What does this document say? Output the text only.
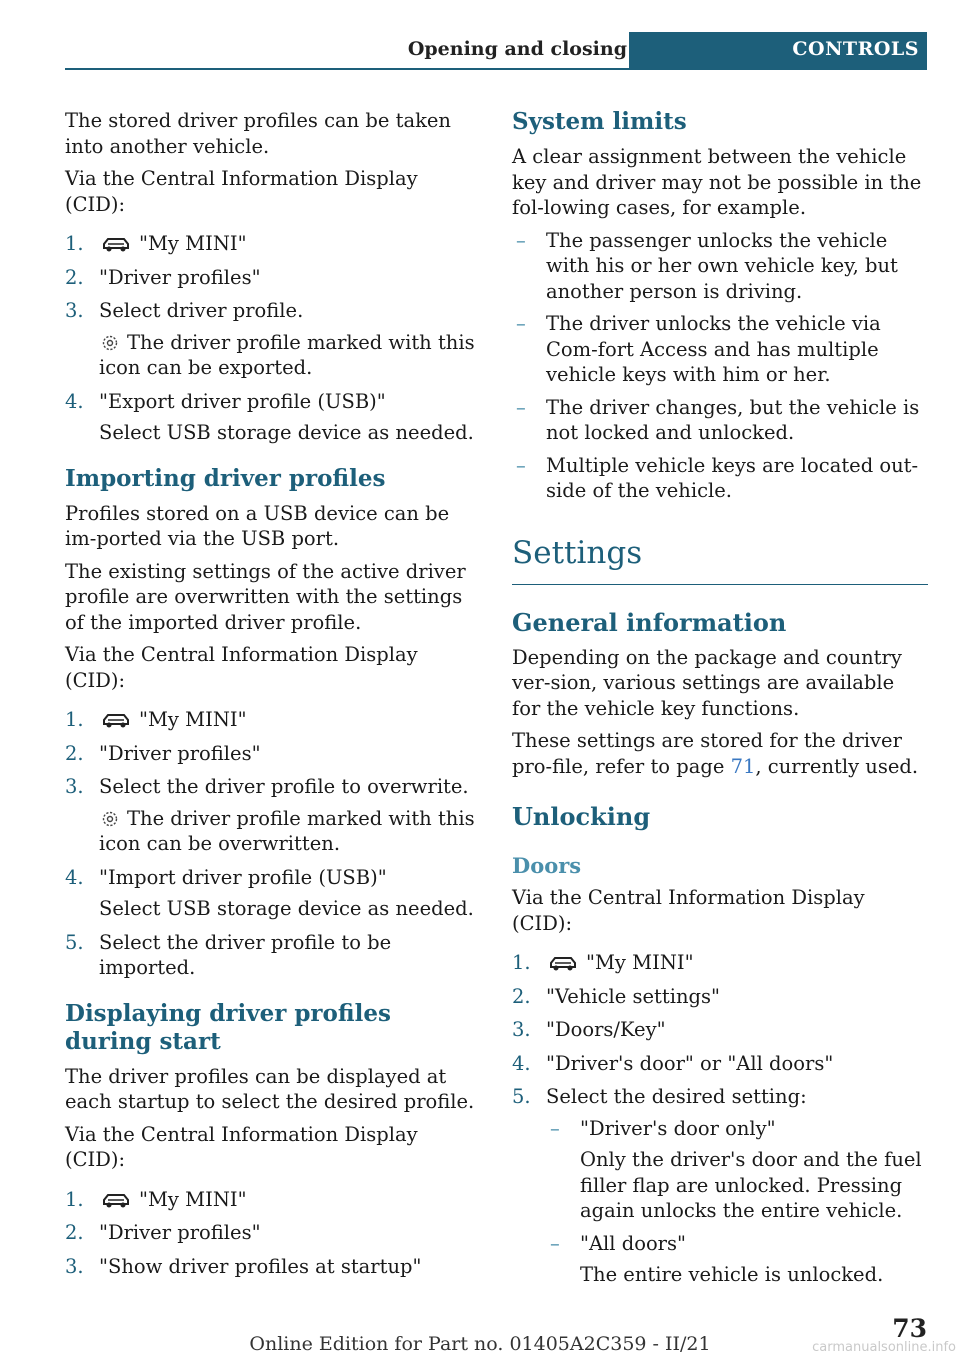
Opening and closing	CONTROLS

The stored driver profiles can be taken into another vehicle.

Via the Central Information Display (CID):

1.	"My MINI"
2. "Driver profiles"
3. Select driver profile.
The driver profile marked with this icon can be exported.
4. "Export driver profile (USB)"
Select USB storage device as needed.
Importing driver profiles

Profiles stored on a USB device can be im-ported via the USB port.

The existing settings of the active driver profile are overwritten with the settings of the imported driver profile.

Via the Central Information Display (CID):

1.	"My MINI"
2. "Driver profiles"
3. Select the driver profile to overwrite.
The driver profile marked with this icon can be overwritten.
4. "Import driver profile (USB)"
Select USB storage device as needed.
5. Select the driver profile to be imported.
Displaying driver profiles during start

The driver profiles can be displayed at each startup to select the desired profile.

Via the Central Information Display (CID):

1.	"My MINI"
2. "Driver profiles"
3. "Show driver profiles at startup"
System limits

A clear assignment between the vehicle key and driver may not be possible in the fol-lowing cases, for example.

– The passenger unlocks the vehicle with his or her own vehicle key, but another person is driving.
– The driver unlocks the vehicle via Com-fort Access and has multiple vehicle keys with him or her.
– The driver changes, but the vehicle is not locked and unlocked.
– Multiple vehicle keys are located out-side of the vehicle.
Settings
General information

Depending on the package and country ver-sion, various settings are available for the vehicle key functions.

These settings are stored for the driver pro-file, refer to page 71, currently used.

Unlocking
Doors

Via the Central Information Display (CID):

1.	"My MINI"
2. "Vehicle settings"
3. "Doors/Key"
4. "Driver's door" or "All doors"
5. Select the desired setting:
– "Driver's door only"
Only the driver's door and the fuel filler flap are unlocked. Pressing again unlocks the entire vehicle.
– "All doors"
The entire vehicle is unlocked.
73
Online Edition for Part no. 01405A2C359 - II/21	carmanualsonline.info
